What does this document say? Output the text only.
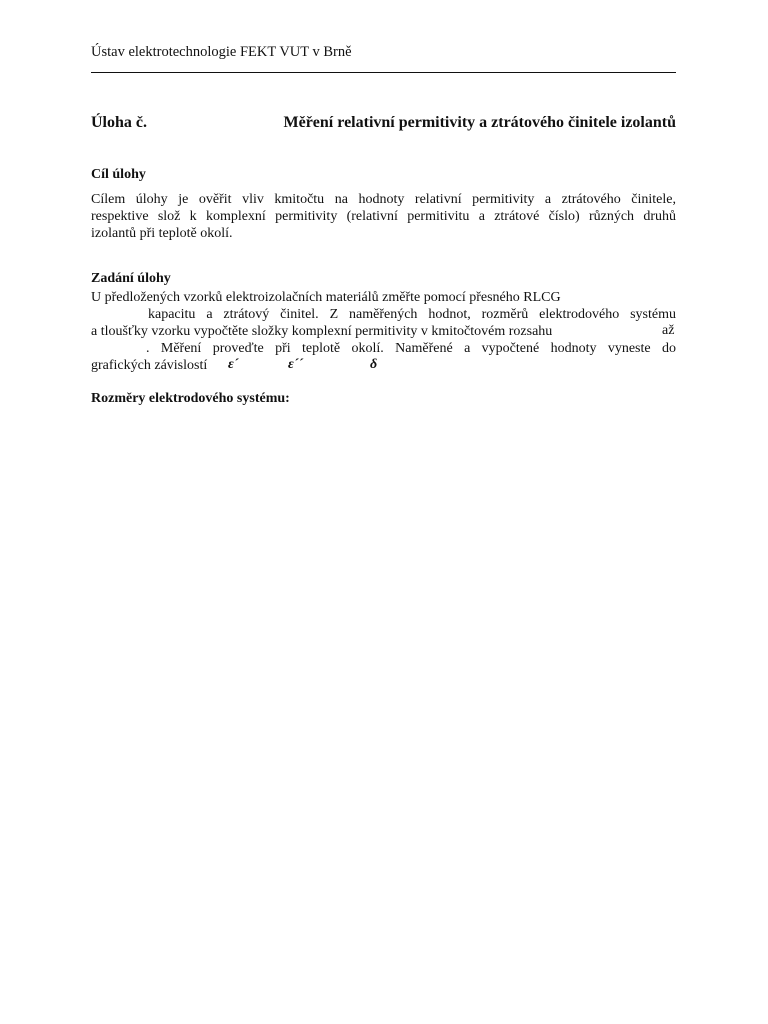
Ústav elektrotechnologie FEKT VUT v Brně
Úloha č.	Měření relativní permitivity a ztrátového činitele izolantů
Cíl úlohy
Cílem úlohy je ověřit vliv kmitočtu na hodnoty relativní permitivity a ztrátového činitele,
respektive slož k komplexní permitivity (relativní permitivitu a ztrátové číslo) různých druhů
izolantů při teplotě okolí.
Zadání úlohy
U předložených vzorků elektroizolačních materiálů změřte pomocí přesného RLCG
kapacitu a ztrátový činitel. Z naměřených hodnot, rozměrů elektrodového systému
a tloušťky vzorku vypočtěte složky komplexní permitivity v kmitočtovém rozsahu	až
. Měření proveďte při teplotě okolí. Naměřené a vypočtené hodnoty vyneste do
grafických závislostí	ε´	ε´´	δ
Rozměry elektrodového systému:
